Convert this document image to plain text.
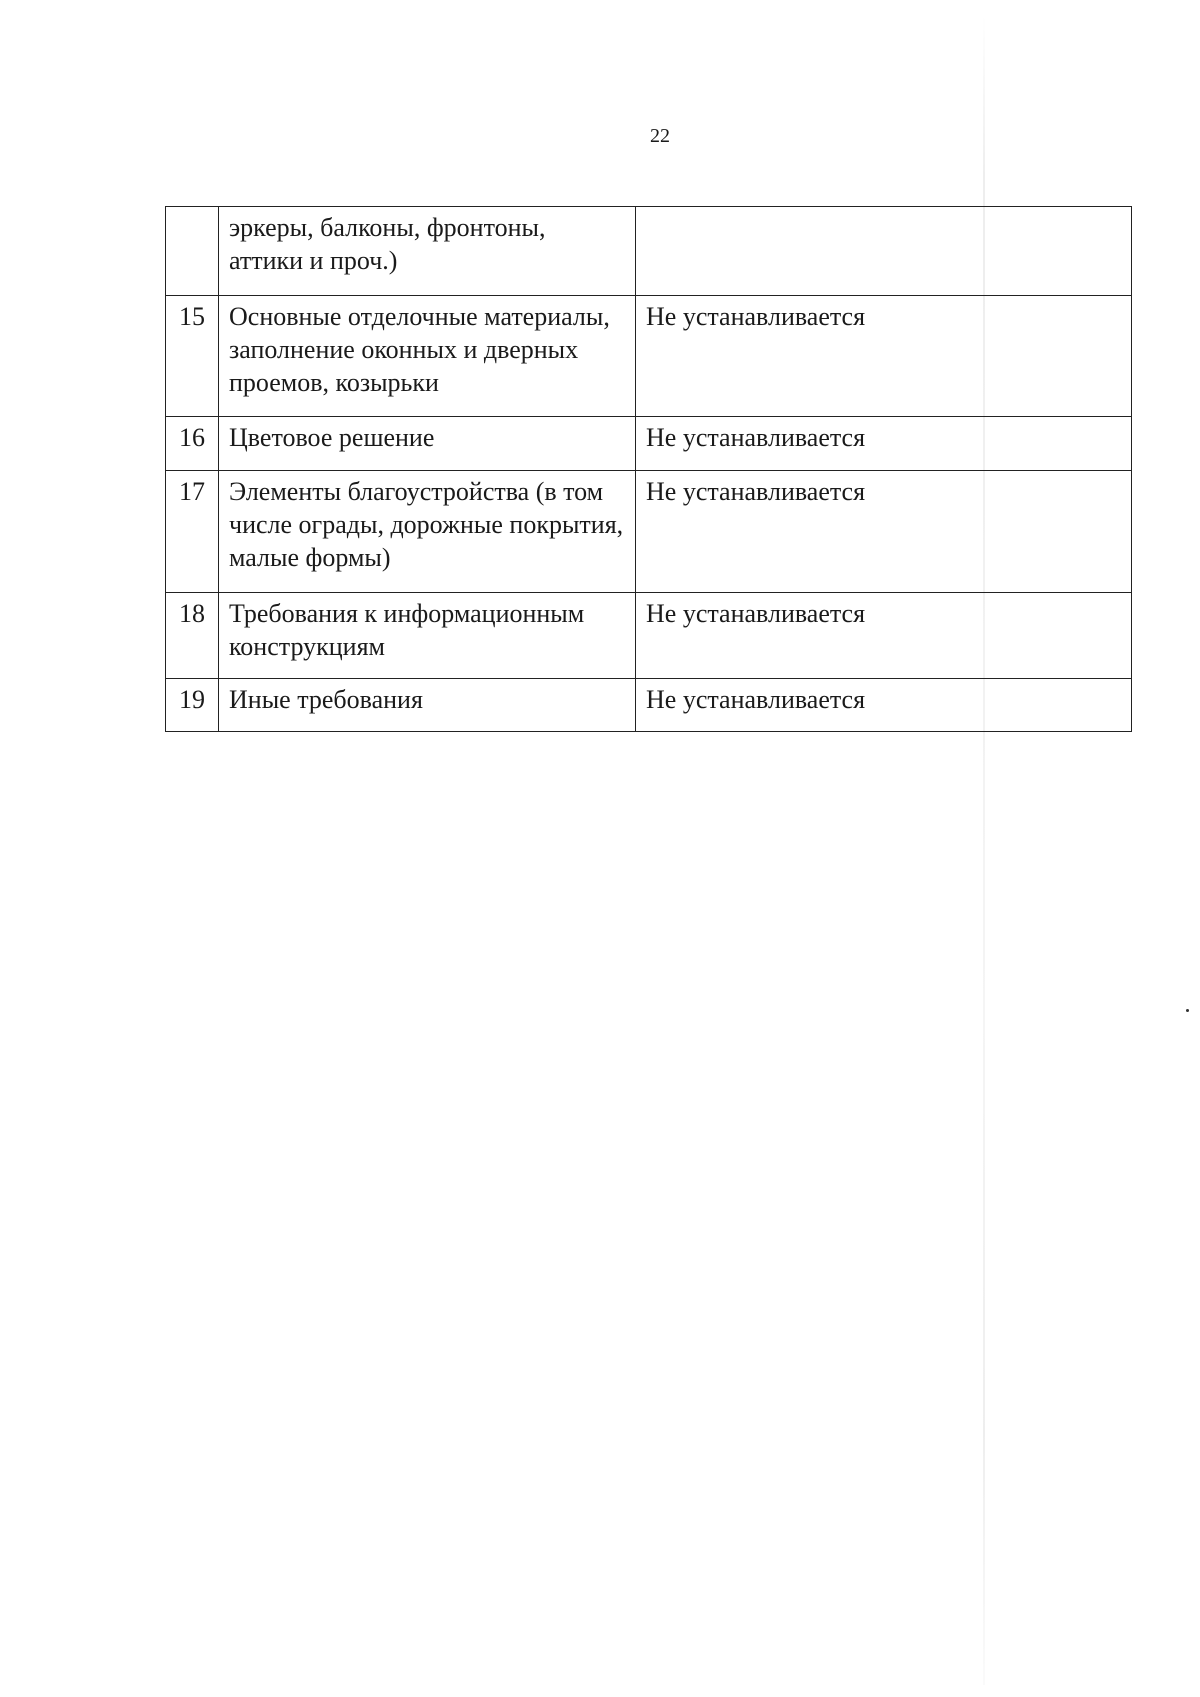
22
	эркеры, балконы, фронтоны, аттики и проч.)	
15	Основные отделочные материалы, заполнение оконных и дверных проемов, козырьки	Не устанавливается
16	Цветовое решение	Не устанавливается
17	Элементы благоустройства (в том числе ограды, дорожные покрытия, малые формы)	Не устанавливается
18	Требования к информационным конструкциям	Не устанавливается
19	Иные требования	Не устанавливается
